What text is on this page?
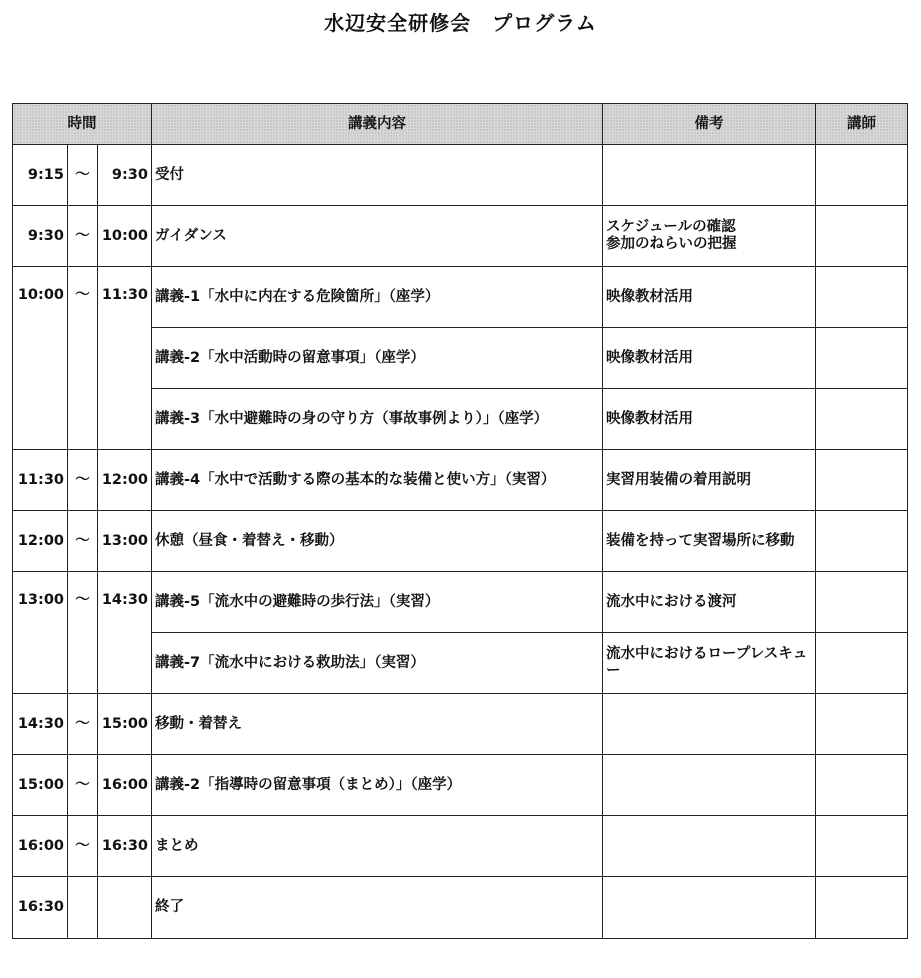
水辺安全研修会　プログラム
時間			講義内容	備考	講師
9:15	〜	9:30	受付		
9:30	〜	10:00	ガイダンス	スケジュールの確認
参加のねらいの把握	
10:00	〜	11:30	講義-1「水中に内在する危険箇所」（座学）	映像教材活用	
			講義-2「水中活動時の留意事項」（座学）	映像教材活用	
			講義-3「水中避難時の身の守り方（事故事例より）」（座学）	映像教材活用	
11:30	〜	12:00	講義-4「水中で活動する際の基本的な装備と使い方」（実習）	実習用装備の着用説明	
12:00	〜	13:00	休憩（昼食・着替え・移動）	装備を持って実習場所に移動	
13:00	〜	14:30	講義-5「流水中の避難時の歩行法」（実習）	流水中における渡河	
			講義-7「流水中における救助法」（実習）	流水中におけるロープレスキュー	
14:30	〜	15:00	移動・着替え		
15:00	〜	16:00	講義-2「指導時の留意事項（まとめ）」（座学）		
16:00	〜	16:30	まとめ		
16:30			終了		
